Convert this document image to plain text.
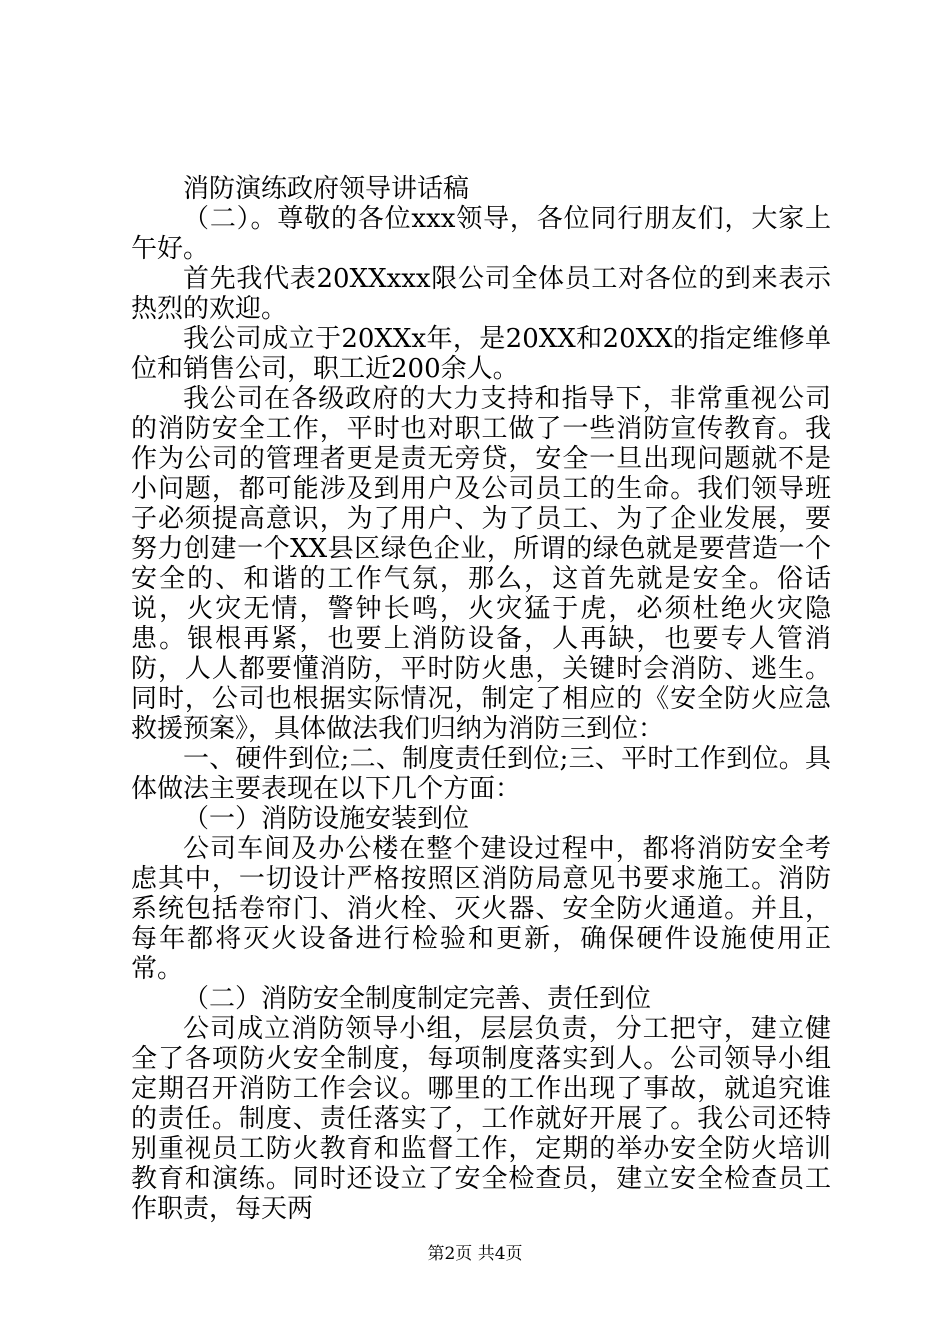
消防演练政府领导讲话稿

（二）。尊敬的各位xxx领导，各位同行朋友们，大家上午好。

首先我代表20XXxxx限公司全体员工对各位的到来表示热烈的欢迎。

我公司成立于20XXx年，是20XX和20XX的指定维修单位和销售公司，职工近200余人。

我公司在各级政府的大力支持和指导下，非常重视公司的消防安全工作，平时也对职工做了一些消防宣传教育。我作为公司的管理者更是责无旁贷，安全一旦出现问题就不是小问题，都可能涉及到用户及公司员工的生命。我们领导班子必须提高意识，为了用户、为了员工、为了企业发展，要努力创建一个XX县区绿色企业，所谓的绿色就是要营造一个安全的、和谐的工作气氛，那么，这首先就是安全。俗话说，火灾无情，警钟长鸣，火灾猛于虎，必须杜绝火灾隐患。银根再紧，也要上消防设备，人再缺，也要专人管消防，人人都要懂消防，平时防火患，关键时会消防、逃生。同时，公司也根据实际情况，制定了相应的《安全防火应急救援预案》，具体做法我们归纳为消防三到位：

一、硬件到位;二、制度责任到位;三、平时工作到位。具体做法主要表现在以下几个方面：

（一）消防设施安装到位

公司车间及办公楼在整个建设过程中，都将消防安全考虑其中，一切设计严格按照区消防局意见书要求施工。消防系统包括卷帘门、消火栓、灭火器、安全防火通道。并且，每年都将灭火设备进行检验和更新，确保硬件设施使用正常。

（二）消防安全制度制定完善、责任到位

公司成立消防领导小组，层层负责，分工把守，建立健全了各项防火安全制度，每项制度落实到人。公司领导小组定期召开消防工作会议。哪里的工作出现了事故，就追究谁的责任。制度、责任落实了，工作就好开展了。我公司还特别重视员工防火教育和监督工作，定期的举办安全防火培训教育和演练。同时还设立了安全检查员，建立安全检查员工作职责，每天两

第2页 共4页
